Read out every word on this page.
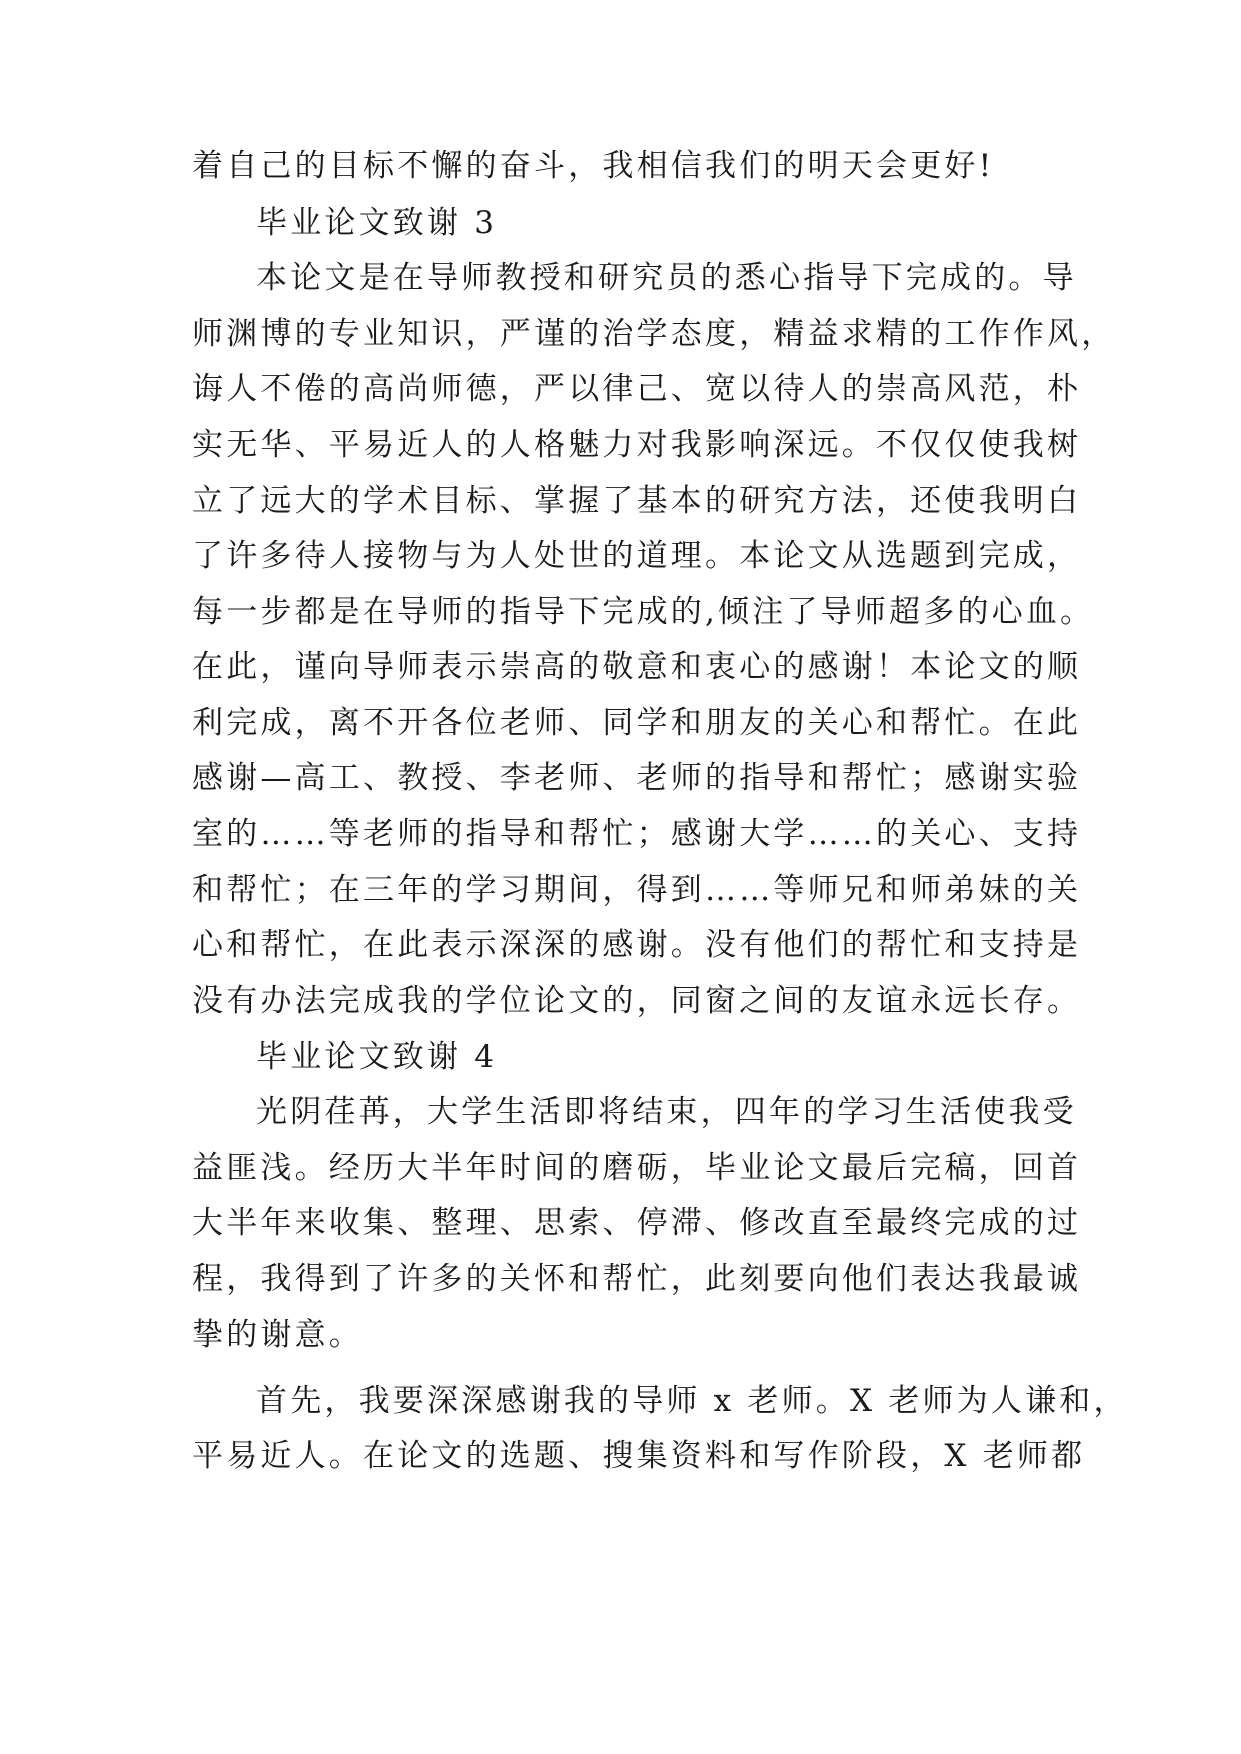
着自己的目标不懈的奋斗，我相信我们的明天会更好!
毕业论文致谢 3
本论文是在导师教授和研究员的悉心指导下完成的。导
师渊博的专业知识，严谨的治学态度，精益求精的工作作风，
诲人不倦的高尚师德，严以律己、宽以待人的崇高风范，朴
实无华、平易近人的人格魅力对我影响深远。不仅仅使我树
立了远大的学术目标、掌握了基本的研究方法，还使我明白
了许多待人接物与为人处世的道理。本论文从选题到完成，
每一步都是在导师的指导下完成的,倾注了导师超多的心血。
在此，谨向导师表示崇高的敬意和衷心的感谢！本论文的顺
利完成，离不开各位老师、同学和朋友的关心和帮忙。在此
感谢—高工、教授、李老师、老师的指导和帮忙；感谢实验
室的……等老师的指导和帮忙；感谢大学……的关心、支持
和帮忙；在三年的学习期间，得到……等师兄和师弟妹的关
心和帮忙，在此表示深深的感谢。没有他们的帮忙和支持是
没有办法完成我的学位论文的，同窗之间的友谊永远长存。
毕业论文致谢 4
光阴荏苒，大学生活即将结束，四年的学习生活使我受
益匪浅。经历大半年时间的磨砺，毕业论文最后完稿，回首
大半年来收集、整理、思索、停滞、修改直至最终完成的过
程，我得到了许多的关怀和帮忙，此刻要向他们表达我最诚
挚的谢意。
首先，我要深深感谢我的导师 x 老师。X 老师为人谦和，
平易近人。在论文的选题、搜集资料和写作阶段，X 老师都
